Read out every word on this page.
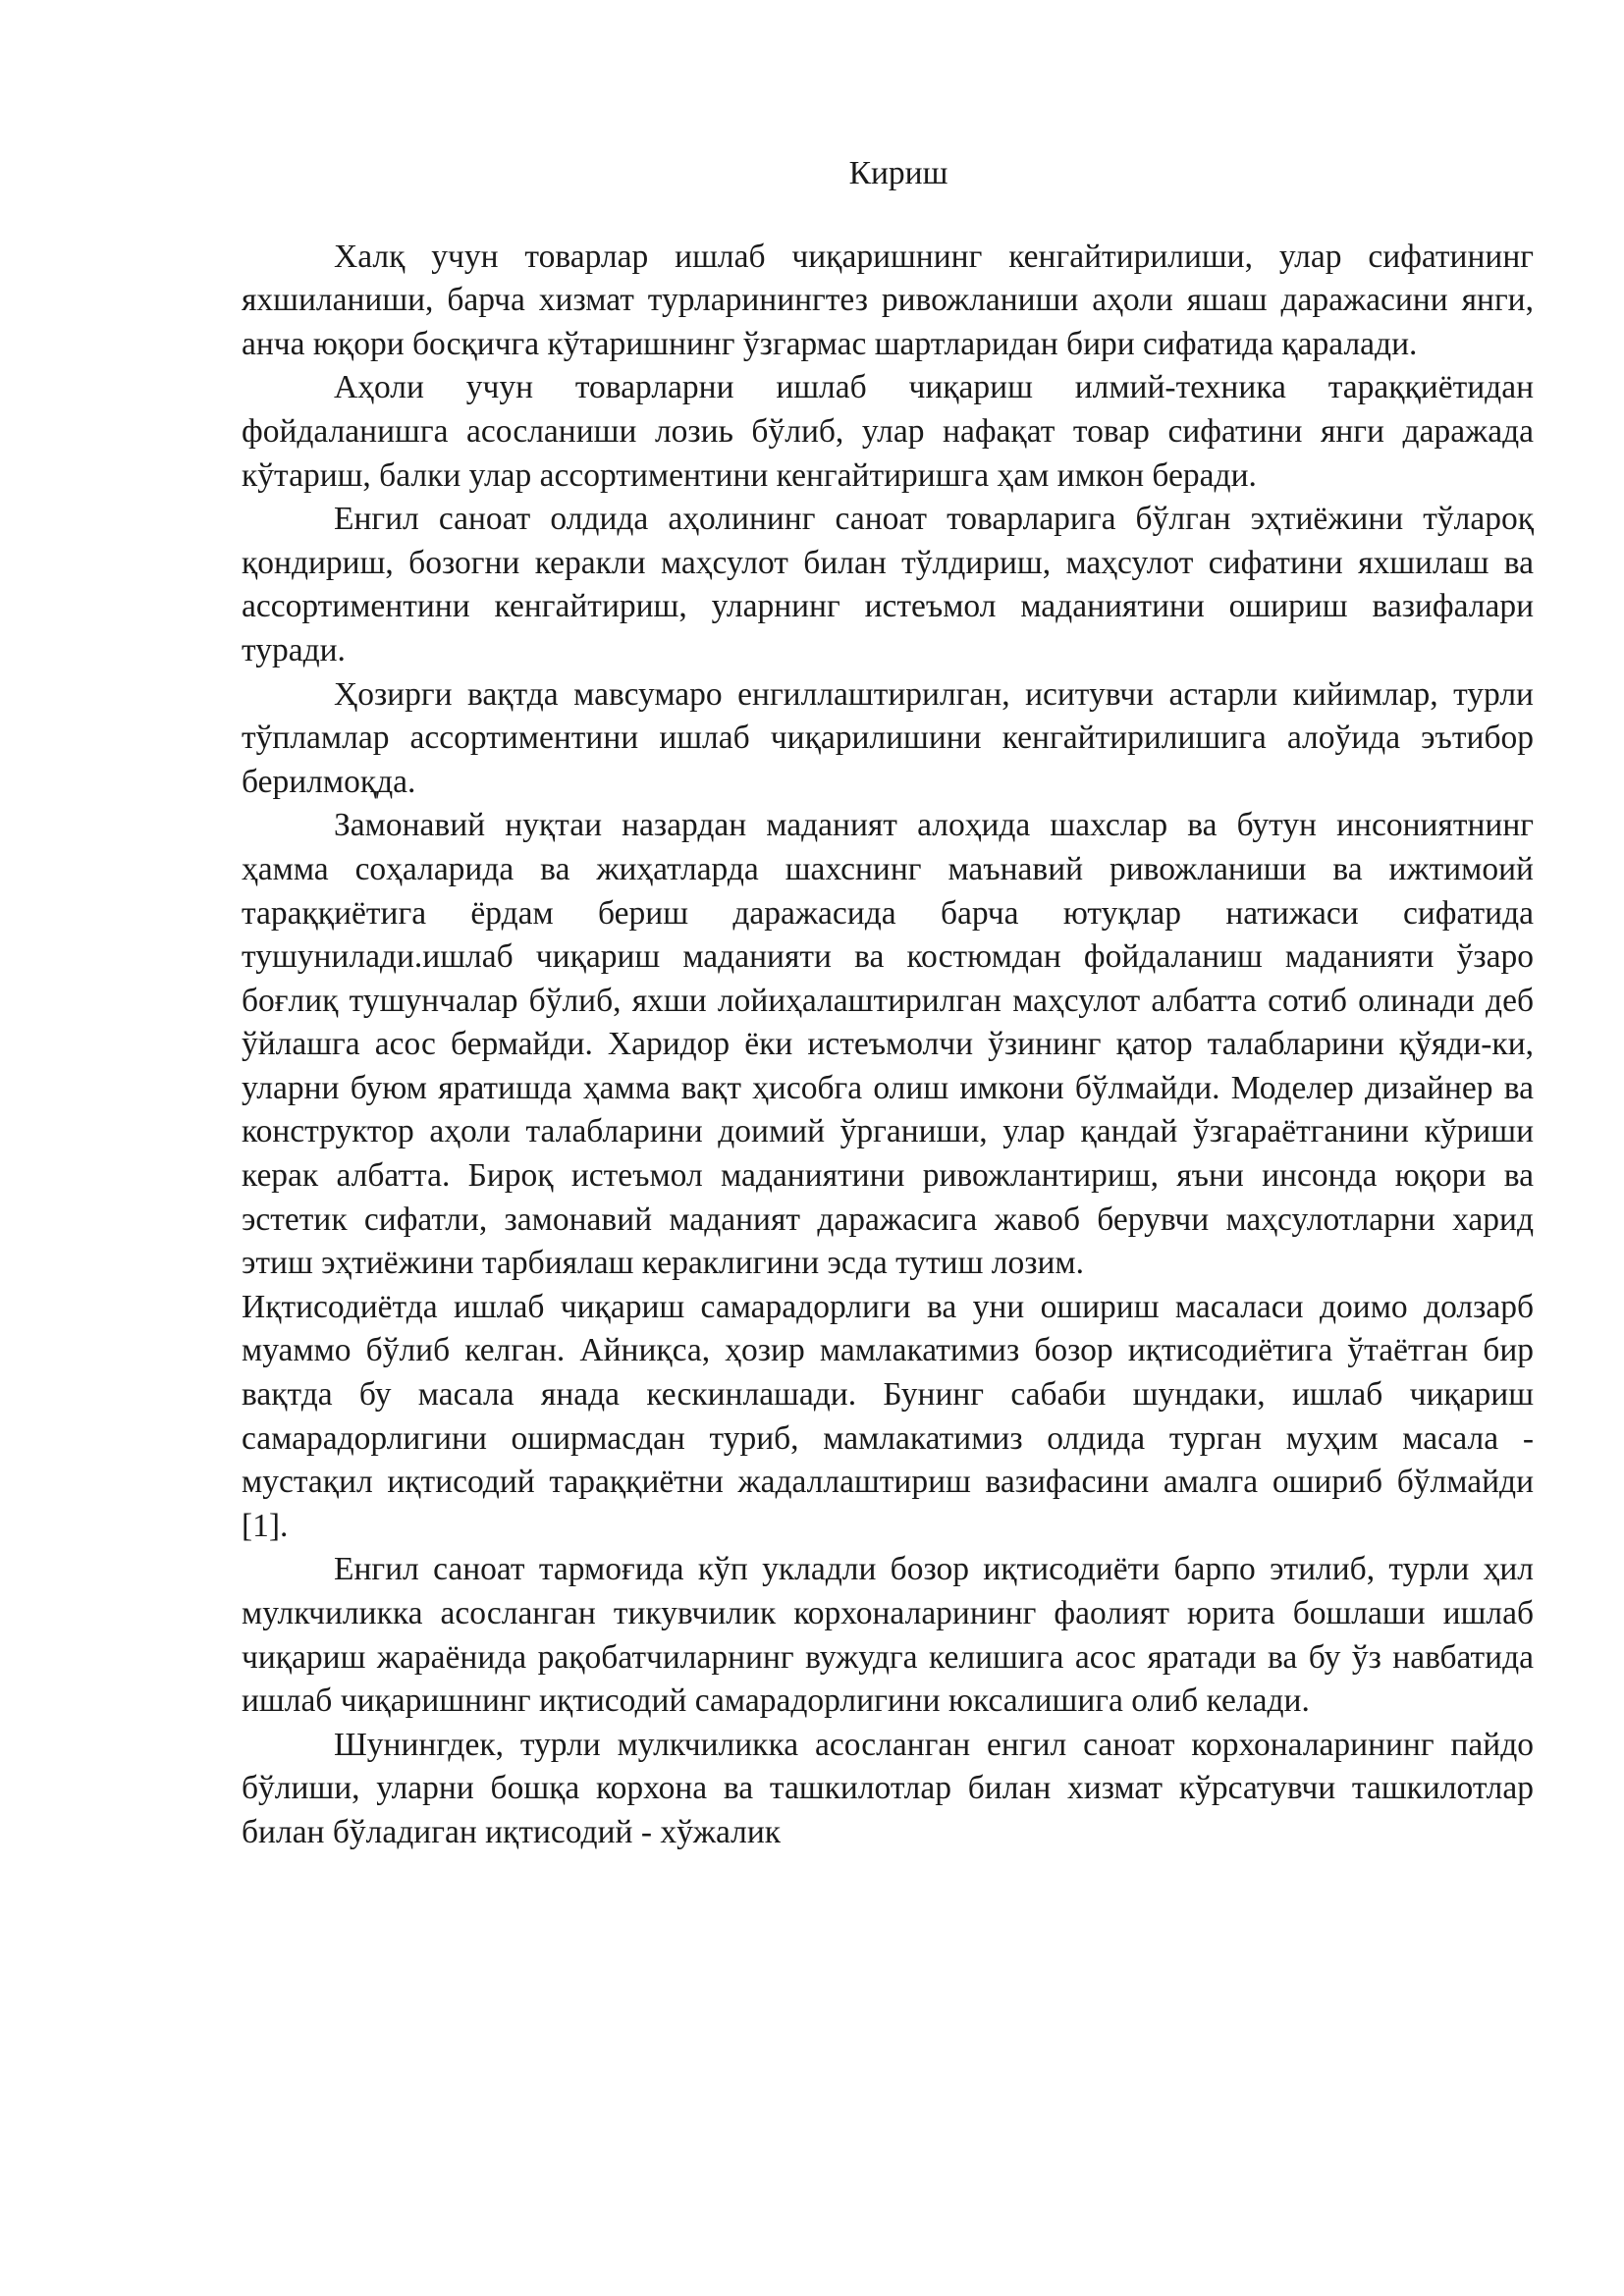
Кириш

Халқ учун товарлар ишлаб чиқаришнинг кенгайтирилиши, улар сифатининг яхшиланиши, барча хизмат турларинингтез ривожланиши аҳоли яшаш даражасини янги, анча юқори босқичга кўтаришнинг ўзгармас шартларидан бири сифатида қаралади.

Аҳоли учун товарларни ишлаб чиқариш илмий-техника тараққиётидан фойдаланишга асосланиши лозиь бўлиб, улар нафақат товар сифатини янги даражада кўтариш, балки улар ассортиментини кенгайтиришга ҳам имкон беради.

Енгил саноат олдида аҳолининг саноат товарларига бўлган эҳтиёжини тўлароқ қондириш, бозогни керакли маҳсулот билан тўлдириш, маҳсулот сифатини яхшилаш ва ассортиментини кенгайтириш, уларнинг истеъмол маданиятини ошириш вазифалари туради.

Ҳозирги вақтда мавсумаро енгиллаштирилган, иситувчи астарли кийимлар, турли тўпламлар ассортиментини ишлаб чиқарилишини кенгайтирилишига алоўида эътибор берилмоқда.

Замонавий нуқтаи назардан маданият алоҳида шахслар ва бутун инсониятнинг ҳамма соҳаларида ва жиҳатларда шахснинг маънавий ривожланиши ва ижтимоий тараққиётига ёрдам бериш даражасида барча ютуқлар натижаси сифатида тушунилади.ишлаб чиқариш маданияти ва костюмдан фойдаланиш маданияти ўзаро боғлиқ тушунчалар бўлиб, яхши лойиҳалаштирилган маҳсулот албатта сотиб олинади деб ўйлашга асос бермайди. Харидор ёки истеъмолчи ўзининг қатор талабларини қўяди-ки, уларни буюм яратишда ҳамма вақт ҳисобга олиш имкони бўлмайди. Моделер дизайнер ва конструктор аҳоли талабларини доимий ўрганиши, улар қандай ўзгараётганини кўриши керак албатта. Бироқ истеъмол маданиятини ривожлантириш, яъни инсонда юқори ва эстетик сифатли, замонавий маданият даражасига жавоб берувчи маҳсулотларни харид этиш эҳтиёжини тарбиялаш кераклигини эсда тутиш лозим.

Иқтисодиётда ишлаб чиқариш самарадорлиги ва уни ошириш масаласи доимо долзарб муаммо бўлиб келган. Айниқса, ҳозир мамлакатимиз бозор иқтисодиётига ўтаётган бир вақтда бу масала янада кескинлашади. Бунинг сабаби шундаки, ишлаб чиқариш самарадорлигини оширмасдан туриб, мамлакатимиз олдида турган муҳим масала - мустақил иқтисодий тараққиётни жадаллаштириш вазифасини амалга ошириб бўлмайди [1].

Енгил саноат тармоғида кўп укладли бозор иқтисодиёти барпо этилиб, турли ҳил мулкчиликка асосланган тикувчилик корхоналарининг фаолият юрита бошлаши ишлаб чиқариш жараёнида рақобатчиларнинг вужудга келишига асос яратади ва бу ўз навбатида ишлаб чиқаришнинг иқтисодий самарадорлигини юксалишига олиб келади.

Шунингдек, турли мулкчиликка асосланган енгил саноат корхоналарининг пайдо бўлиши, уларни бошқа корхона ва ташкилотлар билан хизмат кўрсатувчи ташкилотлар билан бўладиган иқтисодий - хўжалик
